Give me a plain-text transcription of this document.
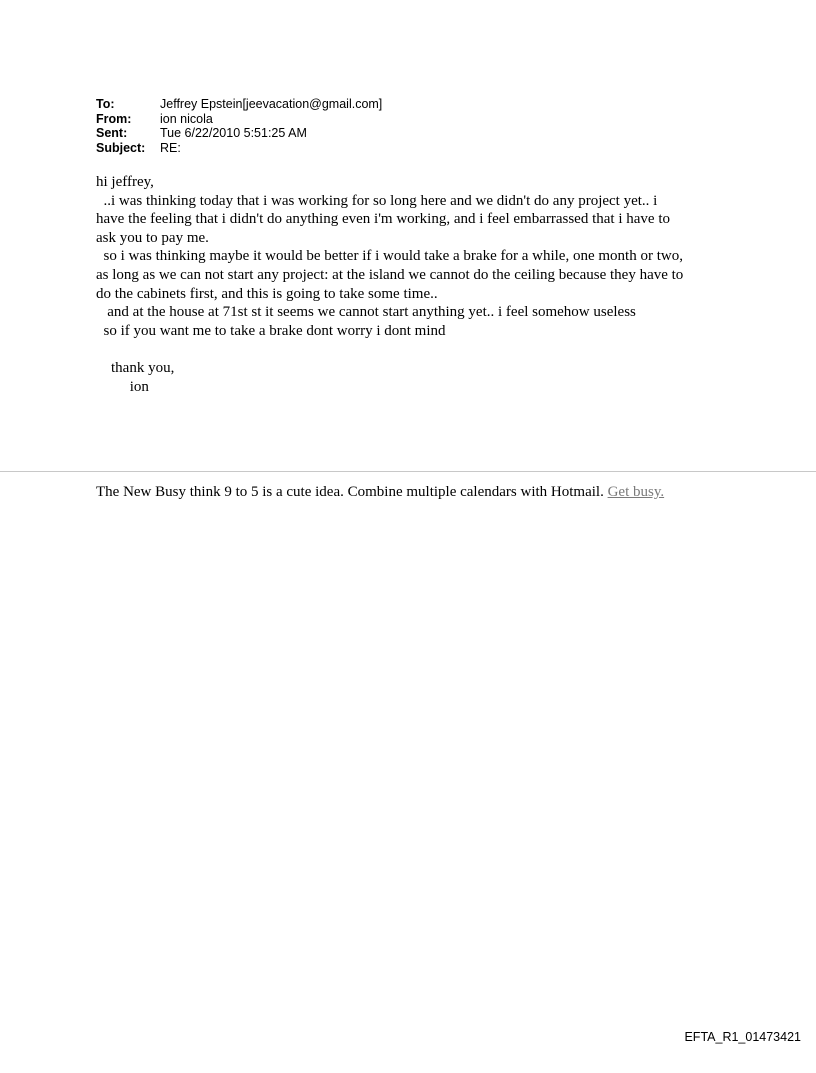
To:	Jeffrey Epstein[jeevacation@gmail.com]
From:	ion nicola
Sent:	Tue 6/22/2010 5:51:25 AM
Subject:	RE:
hi jeffrey,
..i was thinking today that i was working for so long here and we didn't do any project yet.. i
have the feeling that i didn't do anything even i'm working, and i feel embarrassed that i have to
ask you to pay me.
so i was thinking maybe it would be better if i would take a brake for a while, one month or two,
as long as we can not start any project: at the island we cannot do the ceiling because they have to
do the cabinets first, and this is going to take some time..
and at the house at 71st st it seems we cannot start anything yet.. i feel somehow useless
so if you want me to take a brake dont worry i dont mind
thank you,
ion
The New Busy think 9 to 5 is a cute idea. Combine multiple calendars with Hotmail. Get busy.
EFTA_R1_01473421
